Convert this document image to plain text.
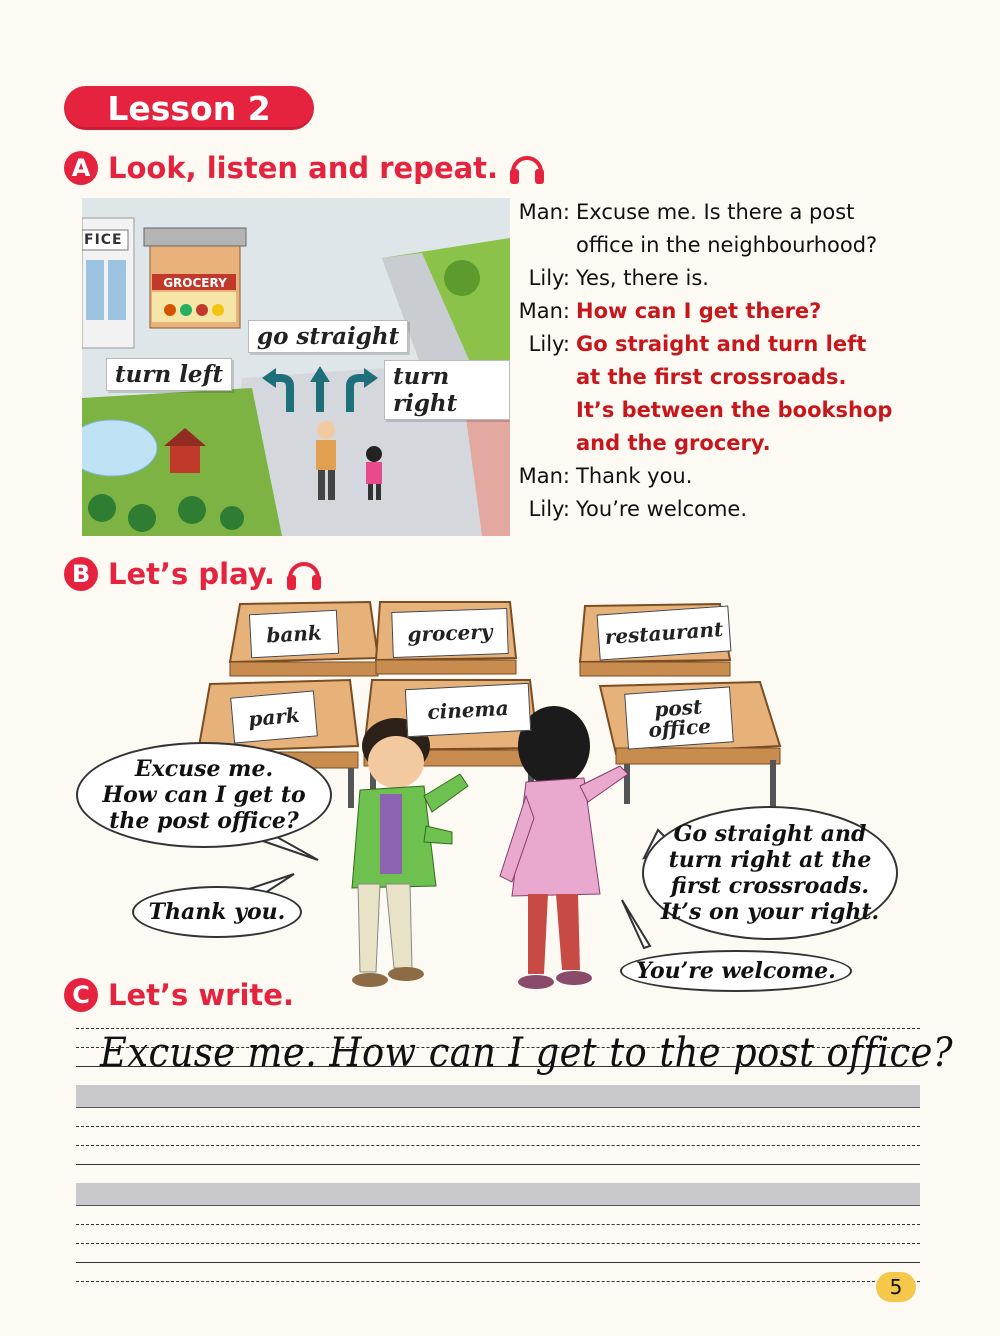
Lesson 2
A Look, listen and repeat.
FICE
GROCERY
go straight
turn left	turn right
Man: Excuse me. Is there a post
office in the neighbourhood?
Lily: Yes, there is.
Man: How can I get there?
Lily: Go straight and turn left
at the first crossroads.
It’s between the bookshop
and the grocery.
Man: Thank you.
Lily: You’re welcome.
B Let’s play.
bank	grocery	restaurant
park	cinema	post
office
Excuse me.
How can I get to
the post office?
Thank you.
Go straight and
turn right at the
first crossroads.
It’s on your right.
You’re welcome.
C Let’s write.
Excuse me. How can I get to the post office?
5
